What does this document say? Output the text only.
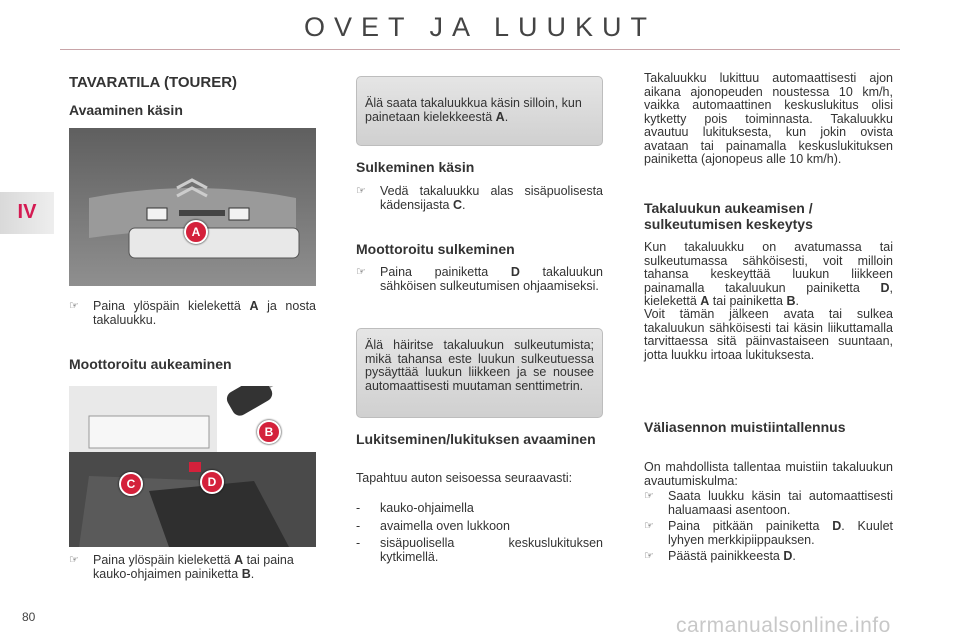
OVET JA LUUKUT
IV
TAVARATILA (TOURER)
Avaaminen käsin
A
☞ Paina ylöspäin kielekettä A ja nosta takaluukku.
Moottoroitu aukeaminen
B
C	D
☞ Paina ylöspäin kielekettä A tai paina kauko-ohjaimen painiketta B.
Älä saata takaluukkua käsin silloin, kun painetaan kielekkeestä A.
Sulkeminen käsin
☞ Vedä takaluukku alas sisäpuolisesta kädensijasta C.
Moottoroitu sulkeminen
☞ Paina painiketta D takaluukun sähköisen sulkeutumisen ohjaamiseksi.
Älä häiritse takaluukun sulkeutumista; mikä tahansa este luukun sulkeutuessa pysäyttää luukun liikkeen ja se nousee automaattisesti muutaman senttimetrin.
Lukitseminen/lukituksen avaaminen
Tapahtuu auton seisoessa seuraavasti:
- kauko-ohjaimella
- avaimella oven lukkoon
- sisäpuolisella keskuslukituksen kytkimellä.
Takaluukku lukittuu automaattisesti ajon aikana ajonopeuden noustessa 10 km/h, vaikka automaattinen keskuslukitus olisi kytketty pois toiminnasta. Takaluukku avautuu lukituksesta, kun jokin ovista avataan tai painamalla keskuslukituksen painiketta (ajonopeus alle 10 km/h).
Takaluukun aukeamisen / sulkeutumisen keskeytys
Kun takaluukku on avatumassa tai sulkeutumassa sähköisesti, voit milloin tahansa keskeyttää luukun liikkeen painamalla takaluukun painiketta D, kielekettä A tai painiketta B.
Voit tämän jälkeen avata tai sulkea takaluukun sähköisesti tai käsin liikuttamalla tarvittaessa sitä päinvastaiseen suuntaan, jotta luukku irtoaa lukituksesta.
Väliasennon muistiintallennus
On mahdollista tallentaa muistiin takaluukun avautumiskulma:
☞ Saata luukku käsin tai automaattisesti haluamaasi asentoon.
☞ Paina pitkään painiketta D. Kuulet lyhyen merkkipiippauksen.
☞ Päästä painikkeesta D.
80	carmanualsonline.info
